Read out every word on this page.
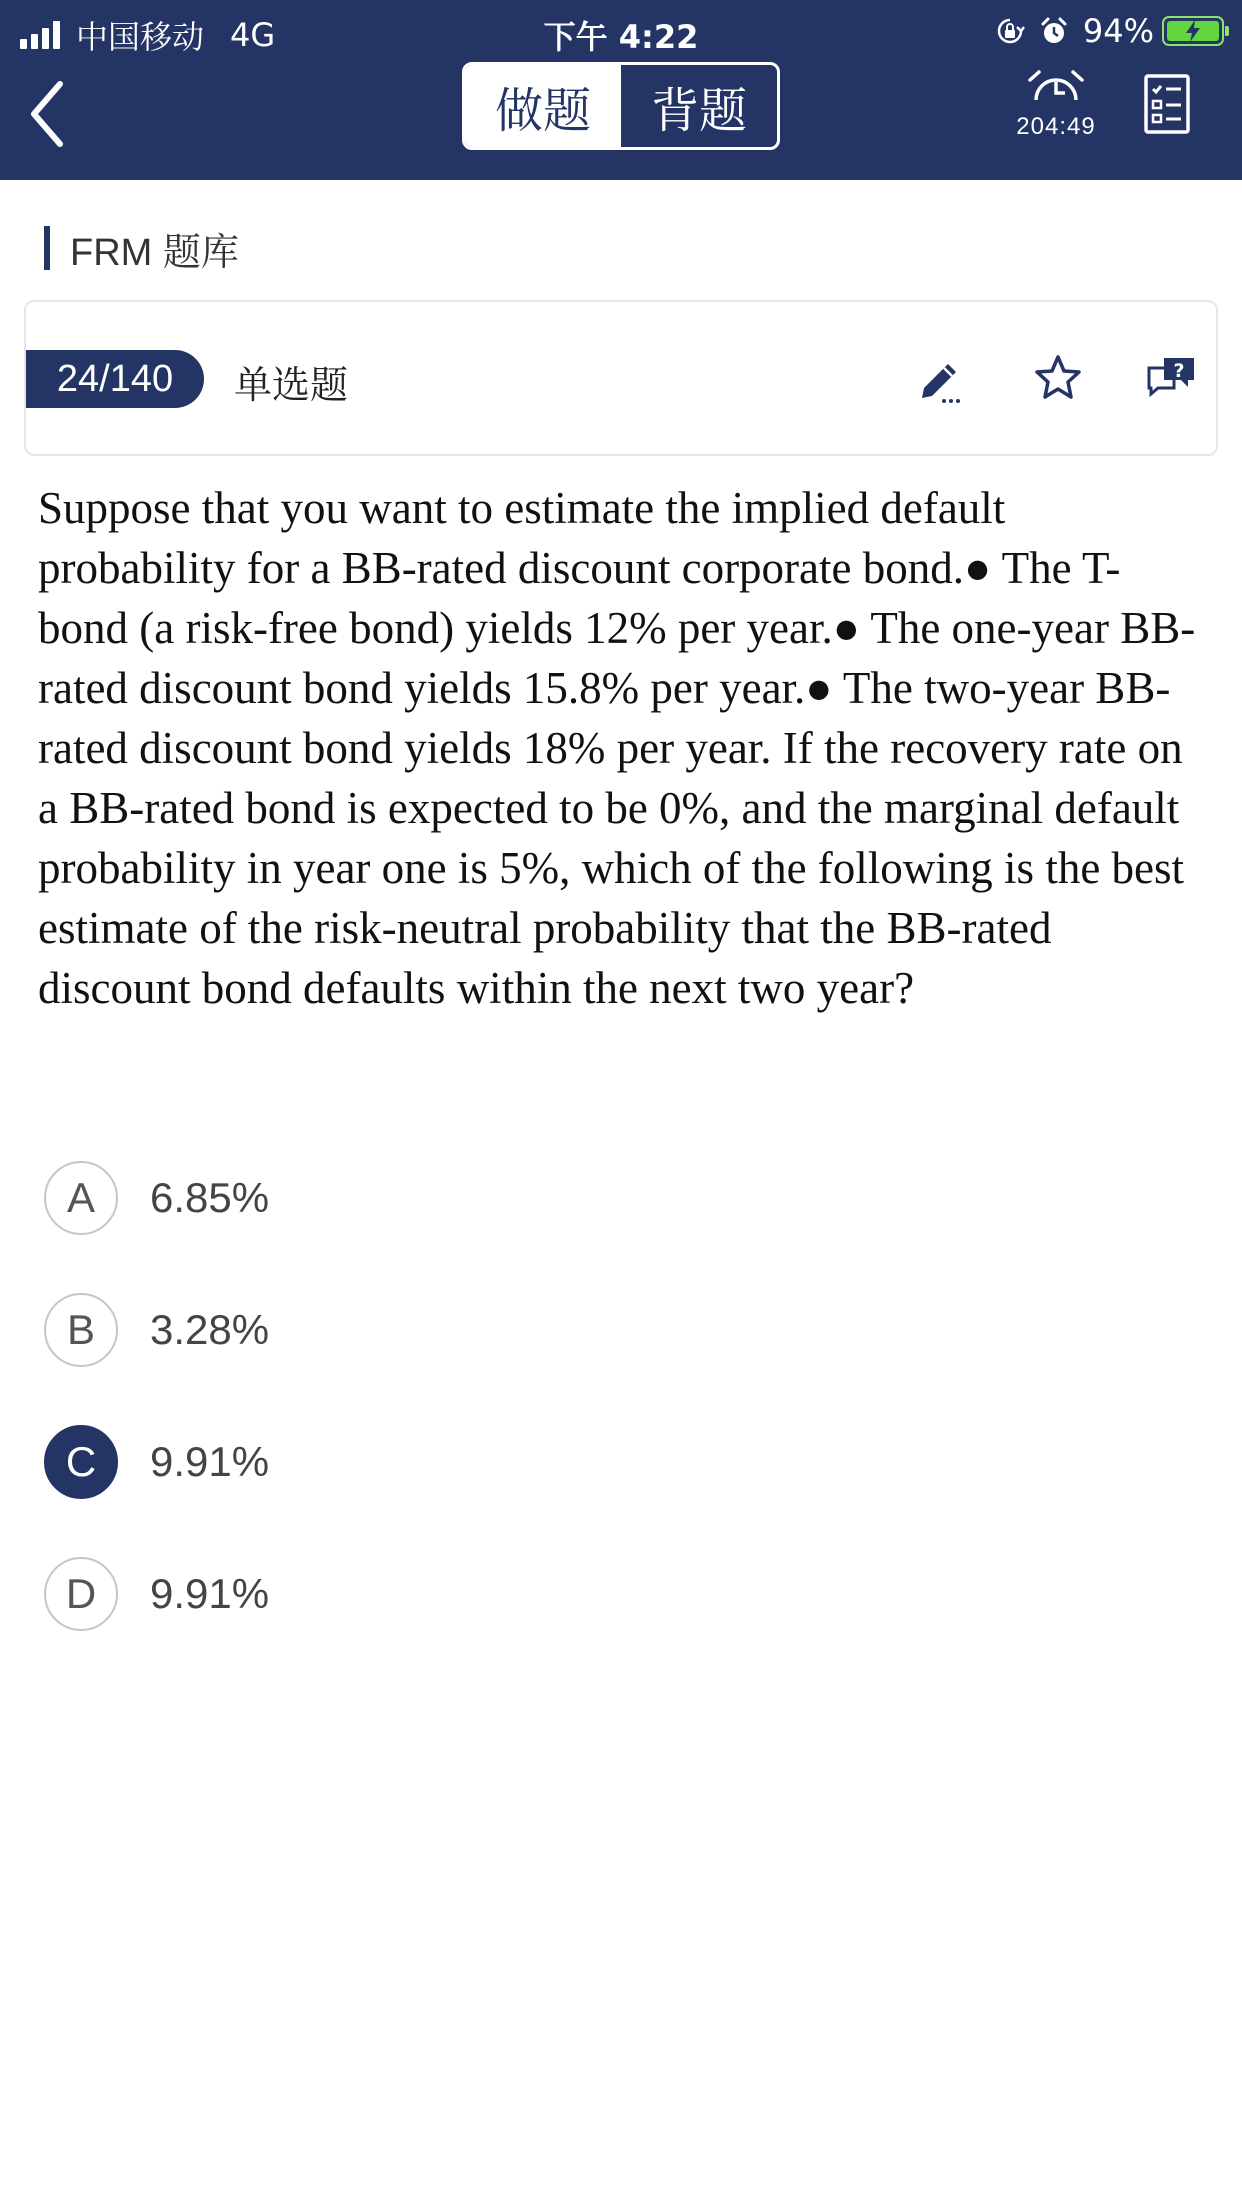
中国移动 4G	下午 4:22	94%
做题	背题	204:49
FRM 题库
24/140	单选题	?
Suppose that you want to estimate the implied default probability for a BB-rated discount corporate bond.● The T-bond (a risk-free bond) yields 12% per year.● The one-year BB-rated discount bond yields 15.8% per year.● The two-year BB-rated discount bond yields 18% per year. If the recovery rate on a BB-rated bond is expected to be 0%, and the marginal default probability in year one is 5%, which of the following is the best estimate of the risk-neutral probability that the BB-rated discount bond defaults within the next two year?
A	6.85%
B	3.28%
C	9.91%
D	9.91%
